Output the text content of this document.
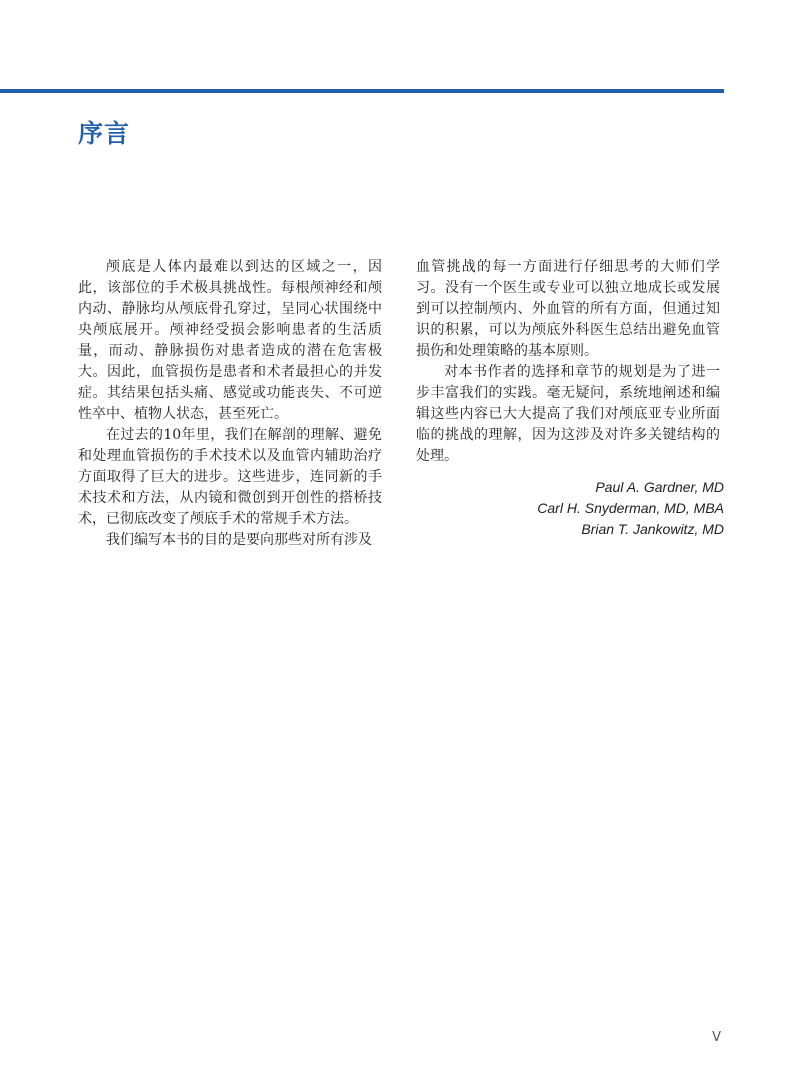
序言

颅底是人体内最难以到达的区域之一，因此，该部位的手术极具挑战性。每根颅神经和颅内动、静脉均从颅底骨孔穿过，呈同心状围绕中央颅底展开。颅神经受损会影响患者的生活质量，而动、静脉损伤对患者造成的潜在危害极大。因此，血管损伤是患者和术者最担心的并发症。其结果包括头痛、感觉或功能丧失、不可逆性卒中、植物人状态，甚至死亡。

在过去的10年里，我们在解剖的理解、避免和处理血管损伤的手术技术以及血管内辅助治疗方面取得了巨大的进步。这些进步，连同新的手术技术和方法，从内镜和微创到开创性的搭桥技术，已彻底改变了颅底手术的常规手术方法。

我们编写本书的目的是要向那些对所有涉及

血管挑战的每一方面进行仔细思考的大师们学习。没有一个医生或专业可以独立地成长或发展到可以控制颅内、外血管的所有方面，但通过知识的积累，可以为颅底外科医生总结出避免血管损伤和处理策略的基本原则。

对本书作者的选择和章节的规划是为了进一步丰富我们的实践。毫无疑问，系统地阐述和编辑这些内容已大大提高了我们对颅底亚专业所面临的挑战的理解，因为这涉及对许多关键结构的处理。

Paul A. Gardner, MD
Carl H. Snyderman, MD, MBA
Brian T. Jankowitz, MD
V
